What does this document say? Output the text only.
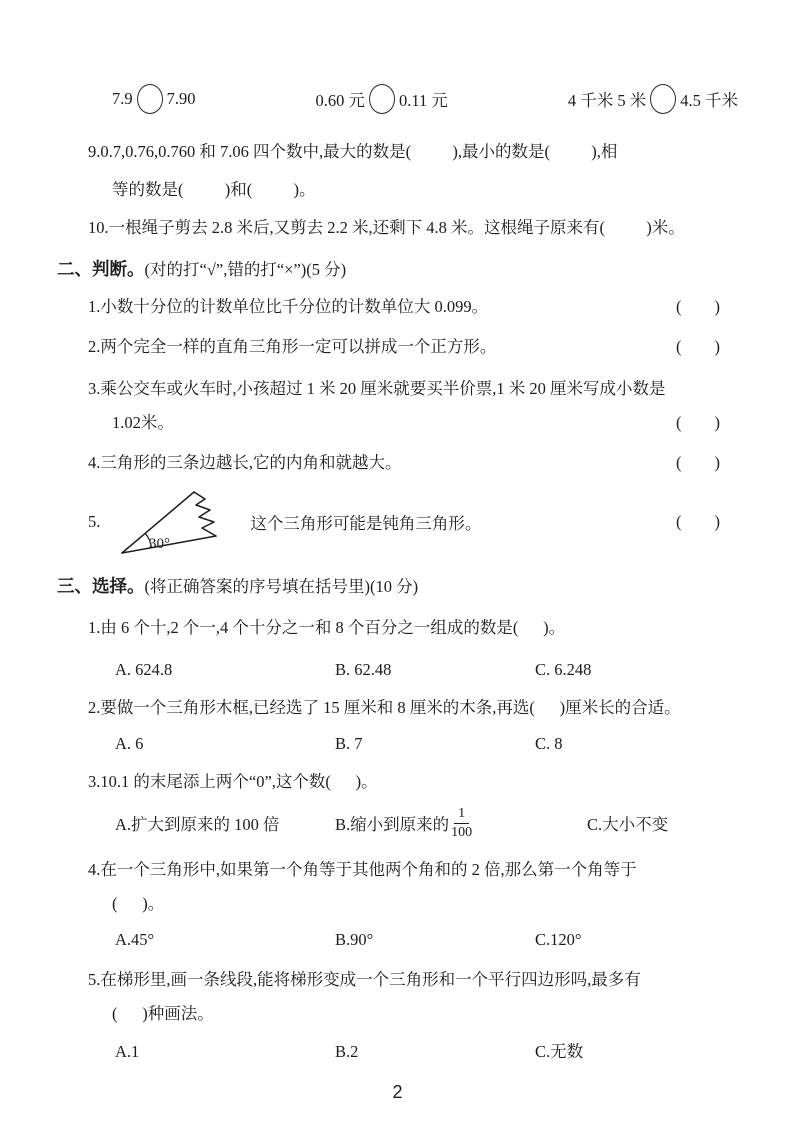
7.9 7.90	0.60 元 0.11 元	4 千米 5 米 4.5 千米
9.0.7,0.76,0.760 和 7.06 四个数中,最大的数是(          ),最小的数是(          ),相
等的数是(          )和(          )。
10.一根绳子剪去 2.8 米后,又剪去 2.2 米,还剩下 4.8 米。这根绳子原来有(          )米。
二、判断。(对的打“√”,错的打“×”)(5 分)
1.小数十分位的计数单位比千分位的计数单位大 0.099。	(        )
2.两个完全一样的直角三角形一定可以拼成一个正方形。	(        )
3.乘公交车或火车时,小孩超过 1 米 20 厘米就要买半价票,1 米 20 厘米写成小数是
1.02米。	(        )
4.三角形的三条边越长,它的内角和就越大。	(        )
5.
30°
这个三角形可能是钝角三角形。	(        )
三、选择。(将正确答案的序号填在括号里)(10 分)
1.由 6 个十,2 个一,4 个十分之一和 8 个百分之一组成的数是(      )。
A. 624.8	B. 62.48	C. 6.248
2.要做一个三角形木框,已经选了 15 厘米和 8 厘米的木条,再选(      )厘米长的合适。
A. 6	B. 7	C. 8
3.10.1 的末尾添上两个“0”,这个数(      )。
A.扩大到原来的 100 倍	B.缩小到原来的 $\frac{1}{100}$	C.大小不变
4.在一个三角形中,如果第一个角等于其他两个角和的 2 倍,那么第一个角等于
(      )。
A.45°	B.90°	C.120°
5.在梯形里,画一条线段,能将梯形变成一个三角形和一个平行四边形吗,最多有
(      )种画法。
A.1	B.2	C.无数
2
